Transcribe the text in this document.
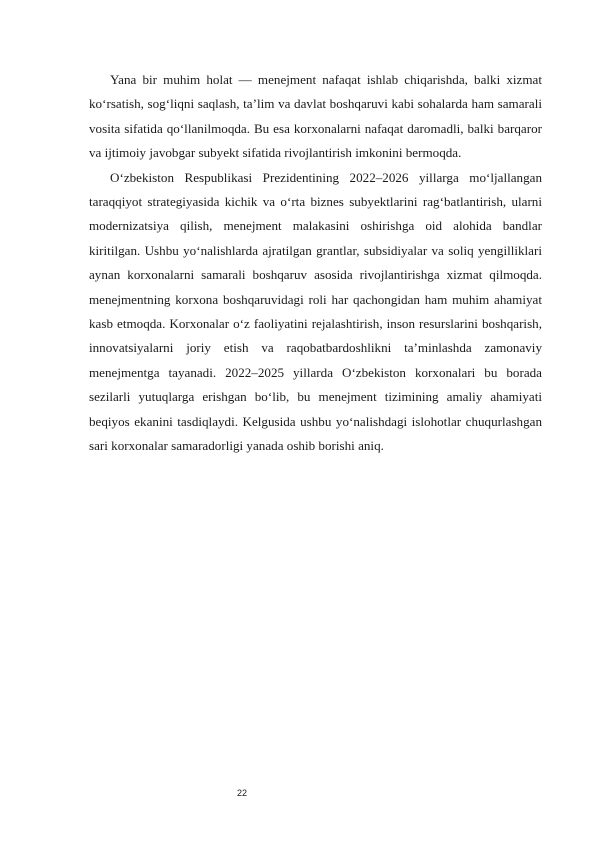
Yana bir muhim holat — menejment nafaqat ishlab chiqarishda, balki xizmat ko‘rsatish, sog‘liqni saqlash, ta’lim va davlat boshqaruvi kabi sohalarda ham samarali vosita sifatida qo‘llanilmoqda. Bu esa korxonalarni nafaqat daromadli, balki barqaror va ijtimoiy javobgar subyekt sifatida rivojlantirish imkonini bermoqda.

O‘zbekiston Respublikasi Prezidentining 2022–2026 yillarga mo‘ljallangan taraqqiyot strategiyasida kichik va o‘rta biznes subyektlarini rag‘batlantirish, ularni modernizatsiya qilish, menejment malakasini oshirishga oid alohida bandlar kiritilgan. Ushbu yo‘nalishlarda ajratilgan grantlar, subsidiyalar va soliq yengilliklari aynan korxonalarni samarali boshqaruv asosida rivojlantirishga xizmat qilmoqda. menejmentning korxona boshqaruvidagi roli har qachongidan ham muhim ahamiyat kasb etmoqda. Korxonalar o‘z faoliyatini rejalashtirish, inson resurslarini boshqarish, innovatsiyalarni joriy etish va raqobatbardoshlikni ta’minlashda zamonaviy menejmentga tayanadi. 2022–2025 yillarda O‘zbekiston korxonalari bu borada sezilarli yutuqlarga erishgan bo‘lib, bu menejment tizimining amaliy ahamiyati beqiyos ekanini tasdiqlaydi. Kelgusida ushbu yo‘nalishdagi islohotlar chuqurlashgan sari korxonalar samaradorligi yanada oshib borishi aniq.

22
